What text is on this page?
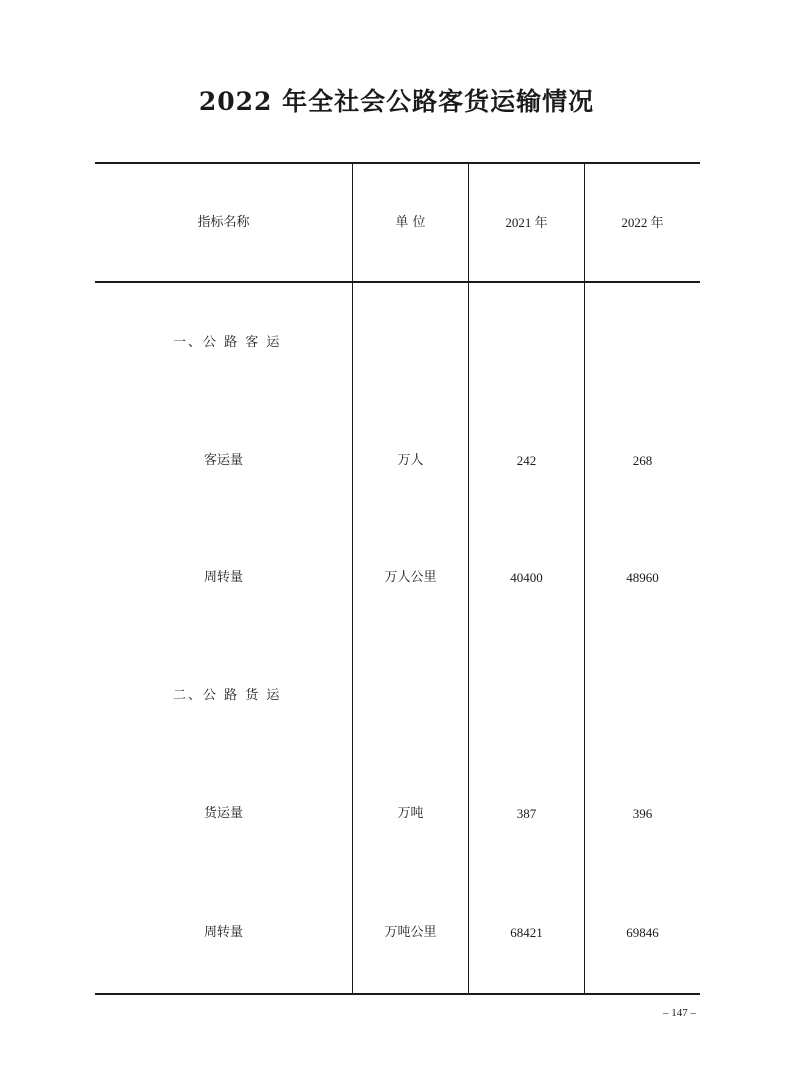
2022 年全社会公路客货运输情况
指标名称	单 位	2021 年	2022 年
一、公 路 客 运
客运量	万人	242	268
周转量	万人公里	40400	48960
二、公 路 货 运
货运量	万吨	387	396
周转量	万吨公里	68421	69846
– 147 –
